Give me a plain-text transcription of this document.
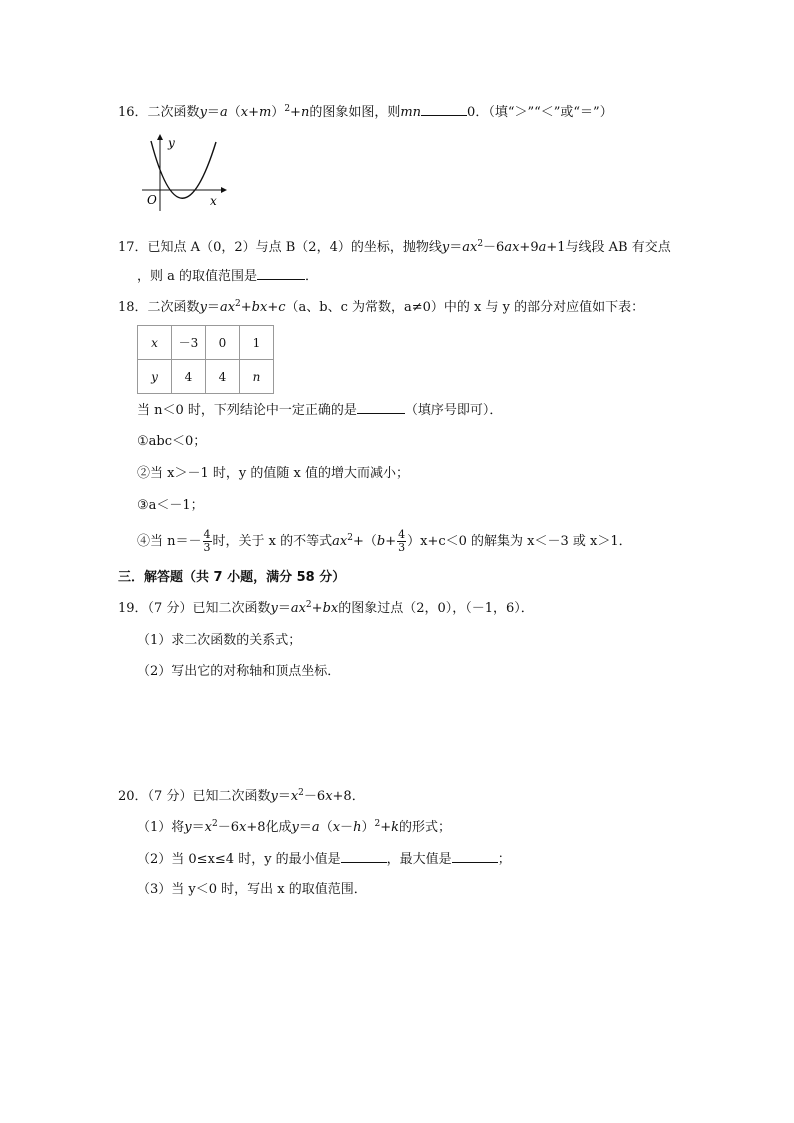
16．二次函数$y=a(x+m)^2+n$的图象如图，则mn	0．（填“＞”“＜”或“＝”）
y
x
O
17．已知点 A（0，2）与点 B（2，4）的坐标，抛物线$y=ax^2-6ax+9a+1$与线段 AB 有交点
，则 a 的取值范围是	．
18．二次函数$y=ax^2+bx+c(a$、b、c 为常数，a≠0）中的 x 与 y 的部分对应值如下表：
x	－3	0	1
y	4	4	n
当 n＜0 时，下列结论中一定正确的是	（填序号即可）．
①abc＜0；
②当 x＞－1 时，y 的值随 x 值的增大而减小；
③a＜－1；
④当 $n=- \frac{4}{3}$ 时，关于 x 的不等式$ax^2+(b+ \frac{4}{3} )x+c<0$ 的解集为 x＜－3 或 x＞1．
三．解答题（共 7 小题，满分 58 分）
19．（7 分）已知二次函数$y=ax^2+bx$的图象过点（2，0），（－1，6）．
（1）求二次函数的关系式；
（2）写出它的对称轴和顶点坐标．
20．（7 分）已知二次函数$y=x^2-6x+8$．
（1）将$y=x^2-6x+8$化成$y=a(x-h)^2+k$的形式；
（2）当 0≤x≤4 时，y 的最小值是	，最大值是	；
（3）当 y＜0 时，写出 x 的取值范围．
